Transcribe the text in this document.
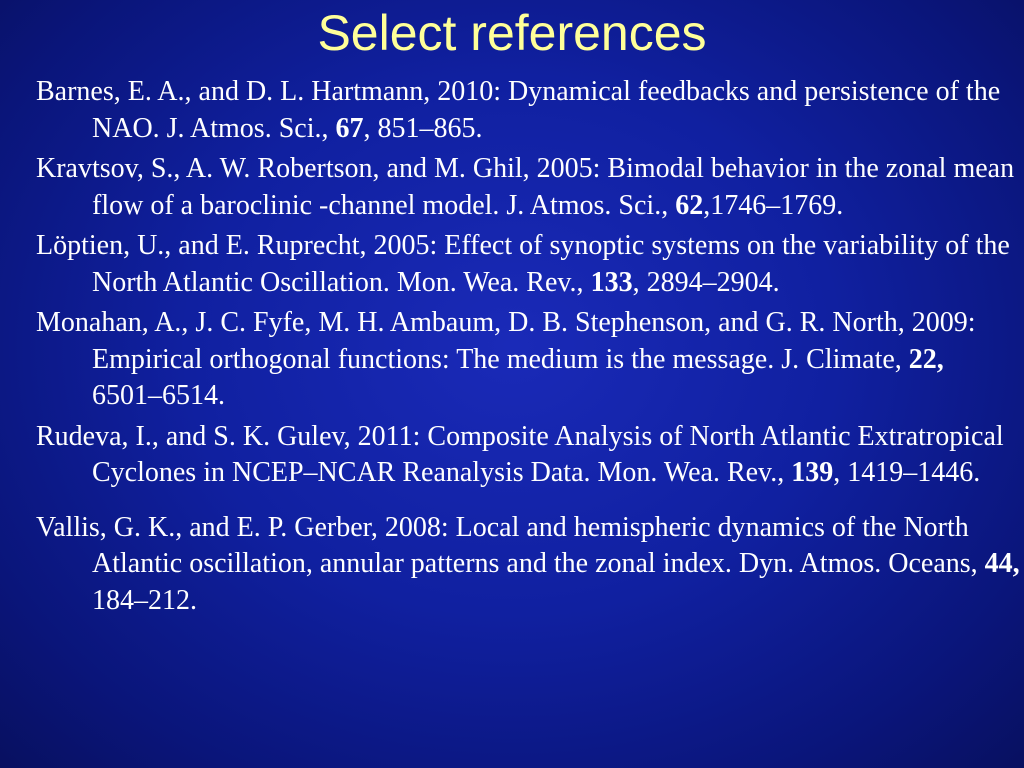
Select references
Barnes, E. A., and D. L. Hartmann, 2010: Dynamical feedbacks and persistence of the NAO. J. Atmos. Sci., 67, 851–865.
Kravtsov, S., A. W. Robertson, and M. Ghil, 2005: Bimodal behavior in the zonal mean flow of a baroclinic -channel model. J. Atmos. Sci., 62,1746–1769.
Löptien, U., and E. Ruprecht, 2005: Effect of synoptic systems on the variability of the North Atlantic Oscillation. Mon. Wea. Rev., 133, 2894–2904.
Monahan, A., J. C. Fyfe, M. H. Ambaum, D. B. Stephenson, and G. R. North, 2009: Empirical orthogonal functions: The medium is the message. J. Climate, 22, 6501–6514.
Rudeva, I., and S. K. Gulev, 2011: Composite Analysis of North Atlantic Extratropical Cyclones in NCEP–NCAR Reanalysis Data. Mon. Wea. Rev., 139, 1419–1446.
Vallis, G. K., and E. P. Gerber, 2008: Local and hemispheric dynamics of the North Atlantic oscillation, annular patterns and the zonal index. Dyn. Atmos. Oceans, 44, 184–212.
